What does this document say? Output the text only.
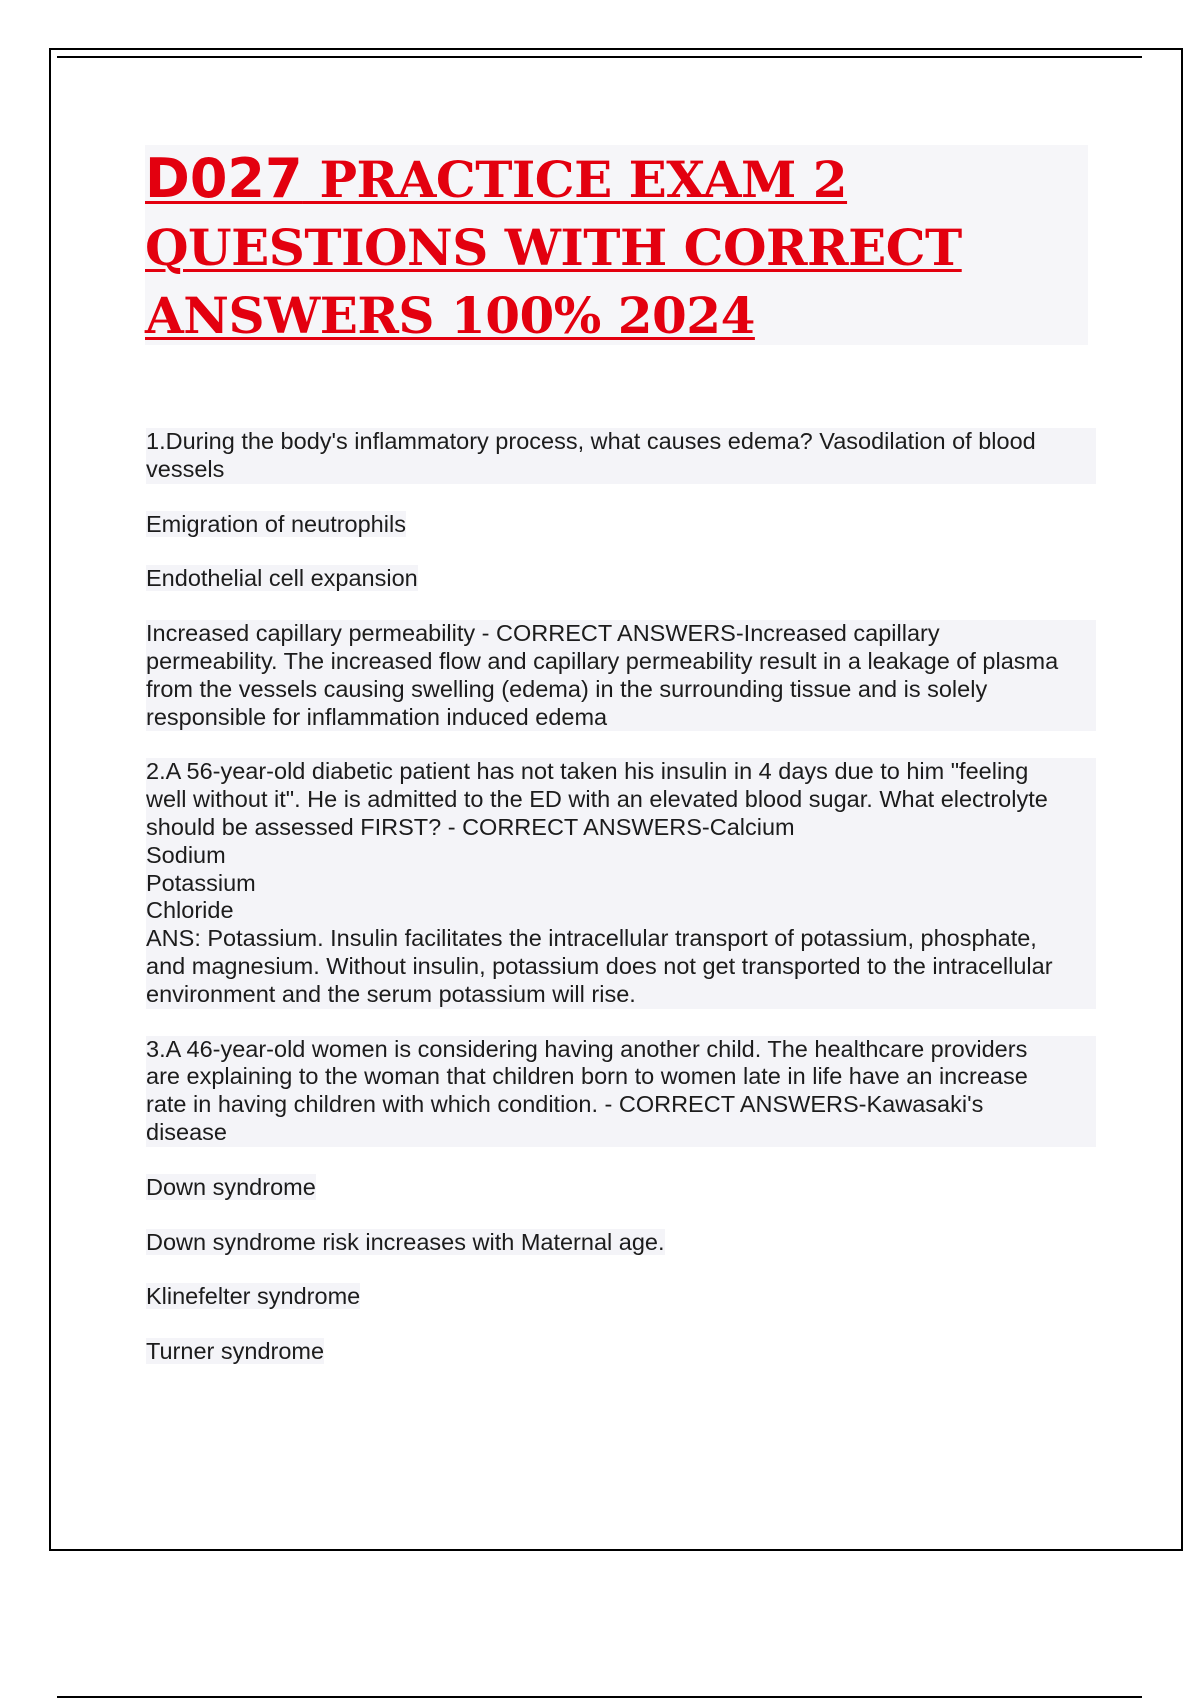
D027 PRACTICE EXAM 2
QUESTIONS WITH CORRECT
ANSWERS 100% 2024
1.During the body's inflammatory process, what causes edema? Vasodilation of blood
vessels
Emigration of neutrophils
Endothelial cell expansion
Increased capillary permeability - CORRECT ANSWERS-Increased capillary
permeability. The increased flow and capillary permeability result in a leakage of plasma
from the vessels causing swelling (edema) in the surrounding tissue and is solely
responsible for inflammation induced edema
2.A 56-year-old diabetic patient has not taken his insulin in 4 days due to him "feeling
well without it". He is admitted to the ED with an elevated blood sugar. What electrolyte
should be assessed FIRST? - CORRECT ANSWERS-Calcium
Sodium
Potassium
Chloride
ANS: Potassium. Insulin facilitates the intracellular transport of potassium, phosphate,
and magnesium. Without insulin, potassium does not get transported to the intracellular
environment and the serum potassium will rise.
3.A 46-year-old women is considering having another child. The healthcare providers
are explaining to the woman that children born to women late in life have an increase
rate in having children with which condition. - CORRECT ANSWERS-Kawasaki's
disease
Down syndrome
Down syndrome risk increases with Maternal age.
Klinefelter syndrome
Turner syndrome
